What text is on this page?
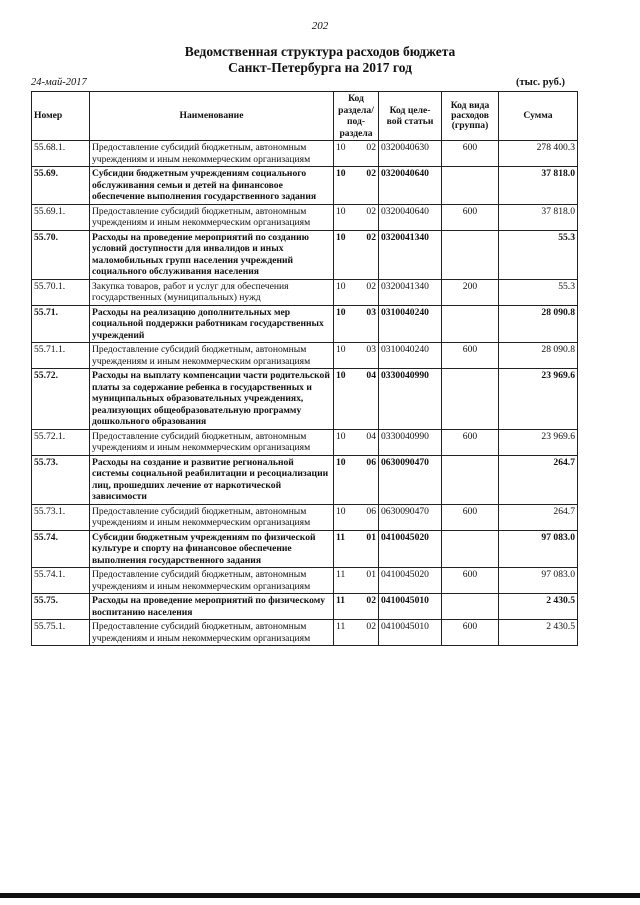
202
Ведомственная структура расходов бюджета
Санкт-Петербурга на 2017 год
24-май-2017	(тыс. руб.)
Номер	Наименование	Код раздела/ под- раздела	Код целе- вой статьи	Код вида расходов (группа)	Сумма
55.68.1.	Предоставление субсидий бюджетным, автономным учреждениям и иным некоммерческим организациям	10 02	0320040630	600	278 400.3
55.69.	Субсидии бюджетным учреждениям социального обслуживания семьи и детей на финансовое обеспечение выполнения государственного задания	10 02	0320040640		37 818.0
55.69.1.	Предоставление субсидий бюджетным, автономным учреждениям и иным некоммерческим организациям	10 02	0320040640	600	37 818.0
55.70.	Расходы на проведение мероприятий по созданию условий доступности для инвалидов и иных маломобильных групп населения учреждений социального обслуживания населения	10 02	0320041340		55.3
55.70.1.	Закупка товаров, работ и услуг для обеспечения государственных (муниципальных) нужд	10 02	0320041340	200	55.3
55.71.	Расходы на реализацию дополнительных мер социальной поддержки работникам государственных учреждений	10 03	0310040240		28 090.8
55.71.1.	Предоставление субсидий бюджетным, автономным учреждениям и иным некоммерческим организациям	10 03	0310040240	600	28 090.8
55.72.	Расходы на выплату компенсации части родительской платы за содержание ребенка в государственных и муниципальных образовательных учреждениях, реализующих общеобразовательную программу дошкольного образования	10 04	0330040990		23 969.6
55.72.1.	Предоставление субсидий бюджетным, автономным учреждениям и иным некоммерческим организациям	10 04	0330040990	600	23 969.6
55.73.	Расходы на создание и развитие региональной системы социальной реабилитации и ресоциализации лиц, прошедших лечение от наркотической зависимости	10 06	0630090470		264.7
55.73.1.	Предоставление субсидий бюджетным, автономным учреждениям и иным некоммерческим организациям	10 06	0630090470	600	264.7
55.74.	Субсидии бюджетным учреждениям по физической культуре и спорту на финансовое обеспечение выполнения государственного задания	11 01	0410045020		97 083.0
55.74.1.	Предоставление субсидий бюджетным, автономным учреждениям и иным некоммерческим организациям	11 01	0410045020	600	97 083.0
55.75.	Расходы на проведение мероприятий по физическому воспитанию населения	11 02	0410045010		2 430.5
55.75.1.	Предоставление субсидий бюджетным, автономным учреждениям и иным некоммерческим организациям	11 02	0410045010	600	2 430.5
